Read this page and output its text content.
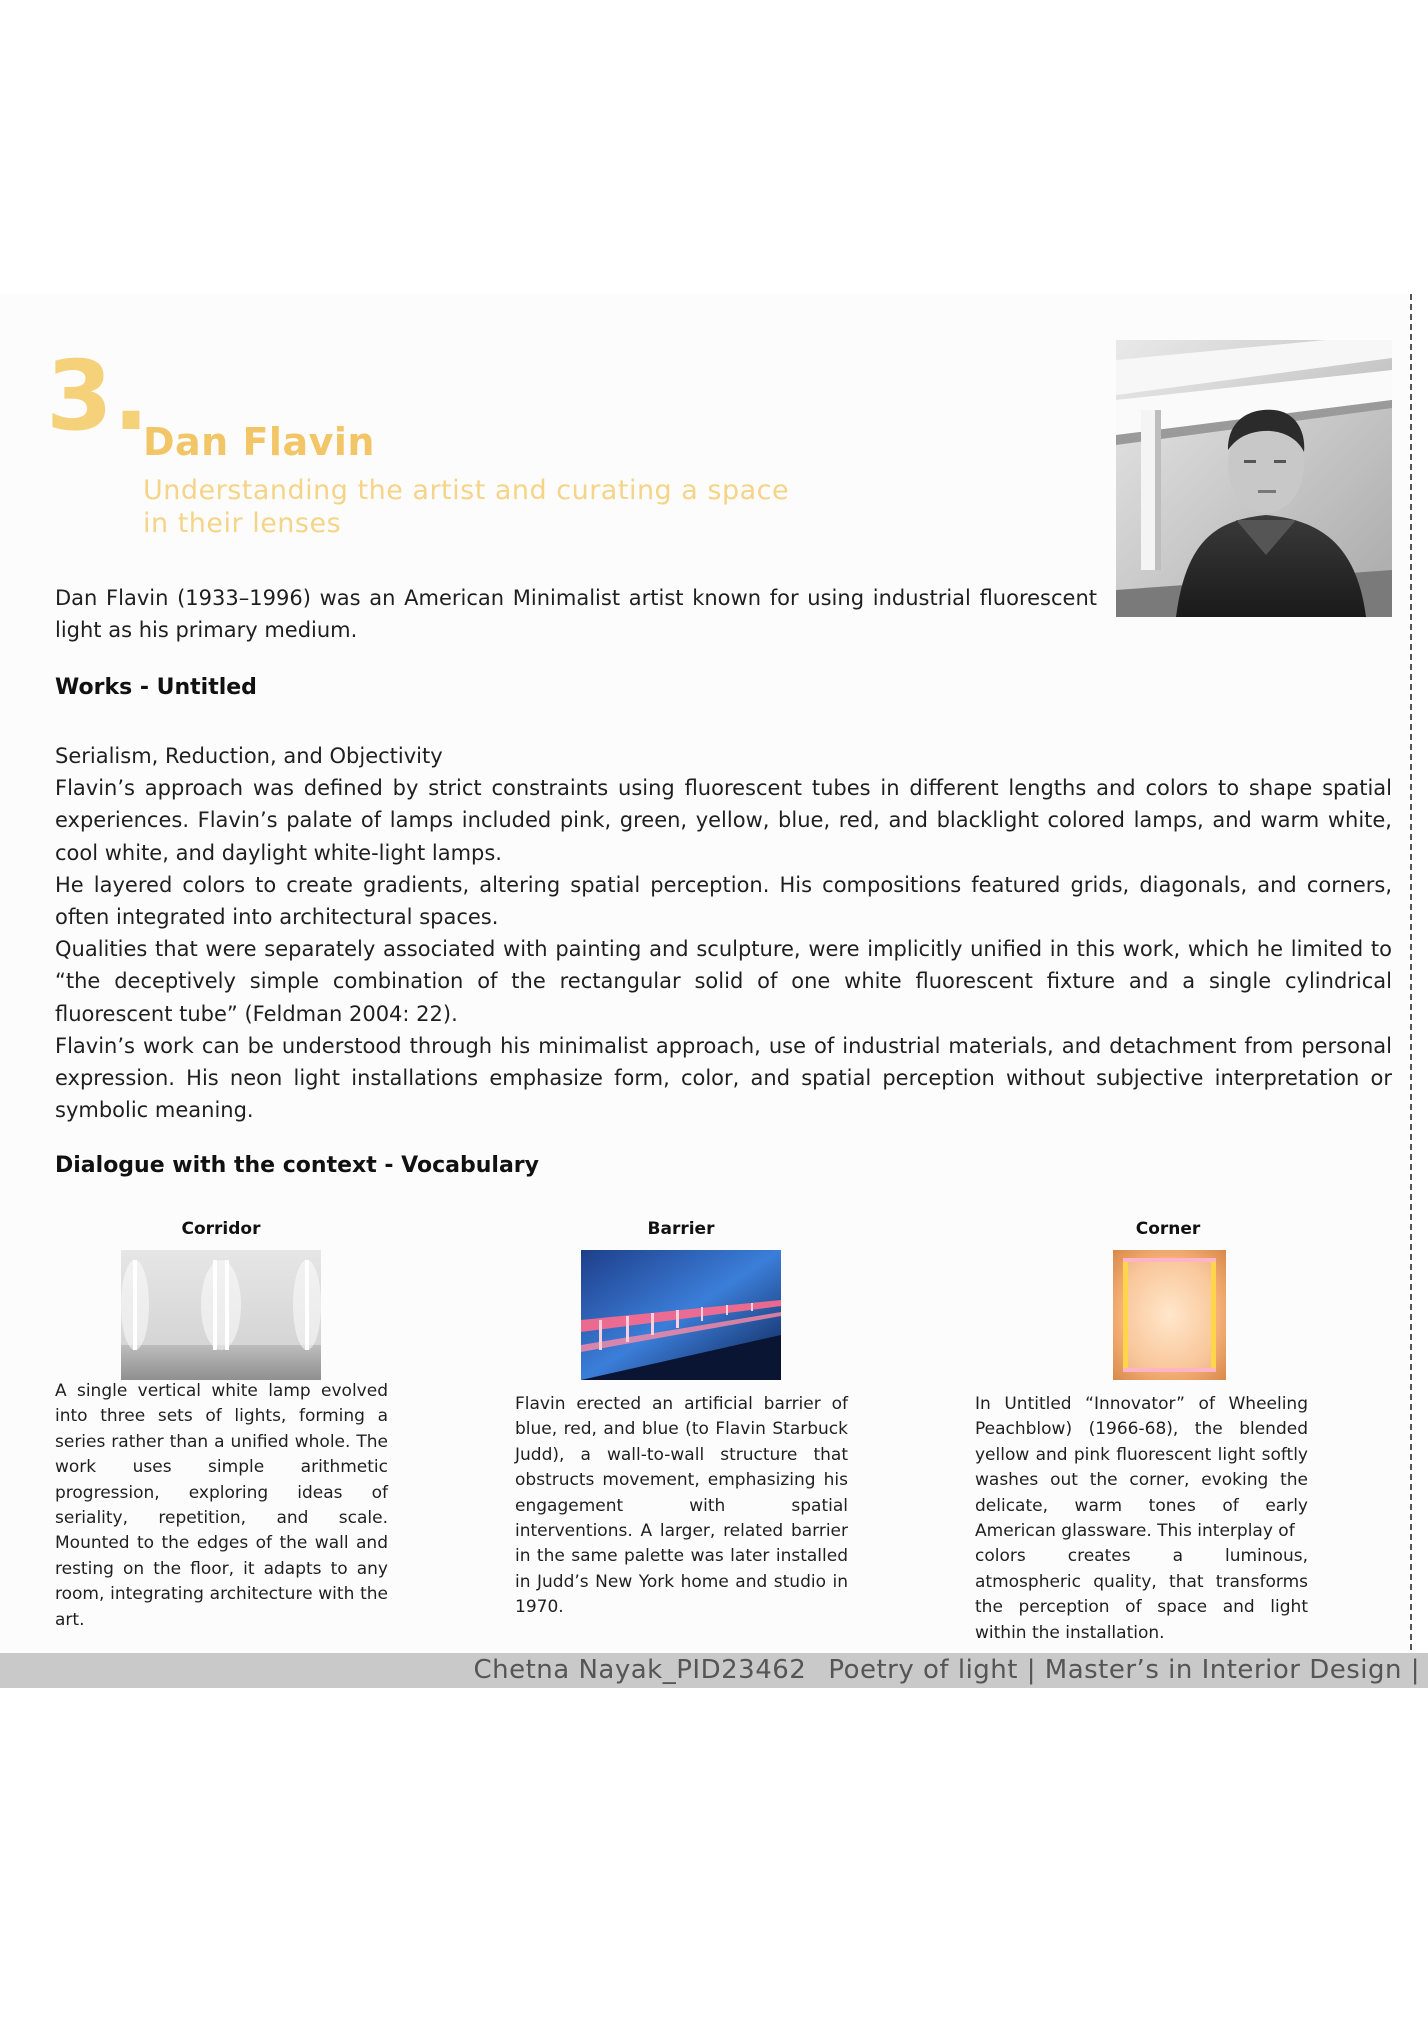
3.
Dan Flavin
Understanding the artist and curating a space
in their lenses

Dan Flavin (1933–1996) was an American Minimalist artist known for using industrial fluorescent light as his primary medium.

Works - Untitled

Serialism, Reduction, and Objectivity

Flavin’s approach was defined by strict constraints using fluorescent tubes in different lengths and colors to shape spatial experiences. Flavin’s palate of lamps included pink, green, yellow, blue, red, and blacklight colored lamps, and warm white, cool white, and daylight white-light lamps.

He layered colors to create gradients, altering spatial perception. His compositions featured grids, diagonals, and corners, often integrated into architectural spaces.

Qualities that were separately associated with painting and sculpture, were implicitly unified in this work, which he limited to “the deceptively simple combination of the rectangular solid of one white fluorescent fixture and a single cylindrical fluorescent tube” (Feldman 2004: 22).

Flavin’s work can be understood through his minimalist approach, use of industrial materials, and detachment from personal expression. His neon light installations emphasize form, color, and spatial perception without subjective interpretation or symbolic meaning.

Dialogue with the context - Vocabulary
Corridor

A single vertical white lamp evolved into three sets of lights, forming a series rather than a unified whole. The work uses simple arithmetic progression, exploring ideas of seriality, repetition, and scale. Mounted to the edges of the wall and resting on the floor, it adapts to any room, integrating architecture with the art.

Barrier

Flavin erected an artificial barrier of blue, red, and blue (to Flavin Starbuck Judd), a wall-to-wall structure that obstructs movement, emphasizing his engagement with spatial interventions. A larger, related barrier in the same palette was later installed in Judd’s New York home and studio in 1970.

Corner
In Untitled “Innovator” of Wheeling Peachblow) (1966-68), the blended yellow and pink fluorescent light softly washes out the corner, evoking the delicate, warm tones of early American glassware. This interplay of
colors creates a luminous, atmospheric quality, that transforms the perception of space and light within the installation.
Chetna Nayak_PID23462 Poetry of light | Master’s in Interior Design |
